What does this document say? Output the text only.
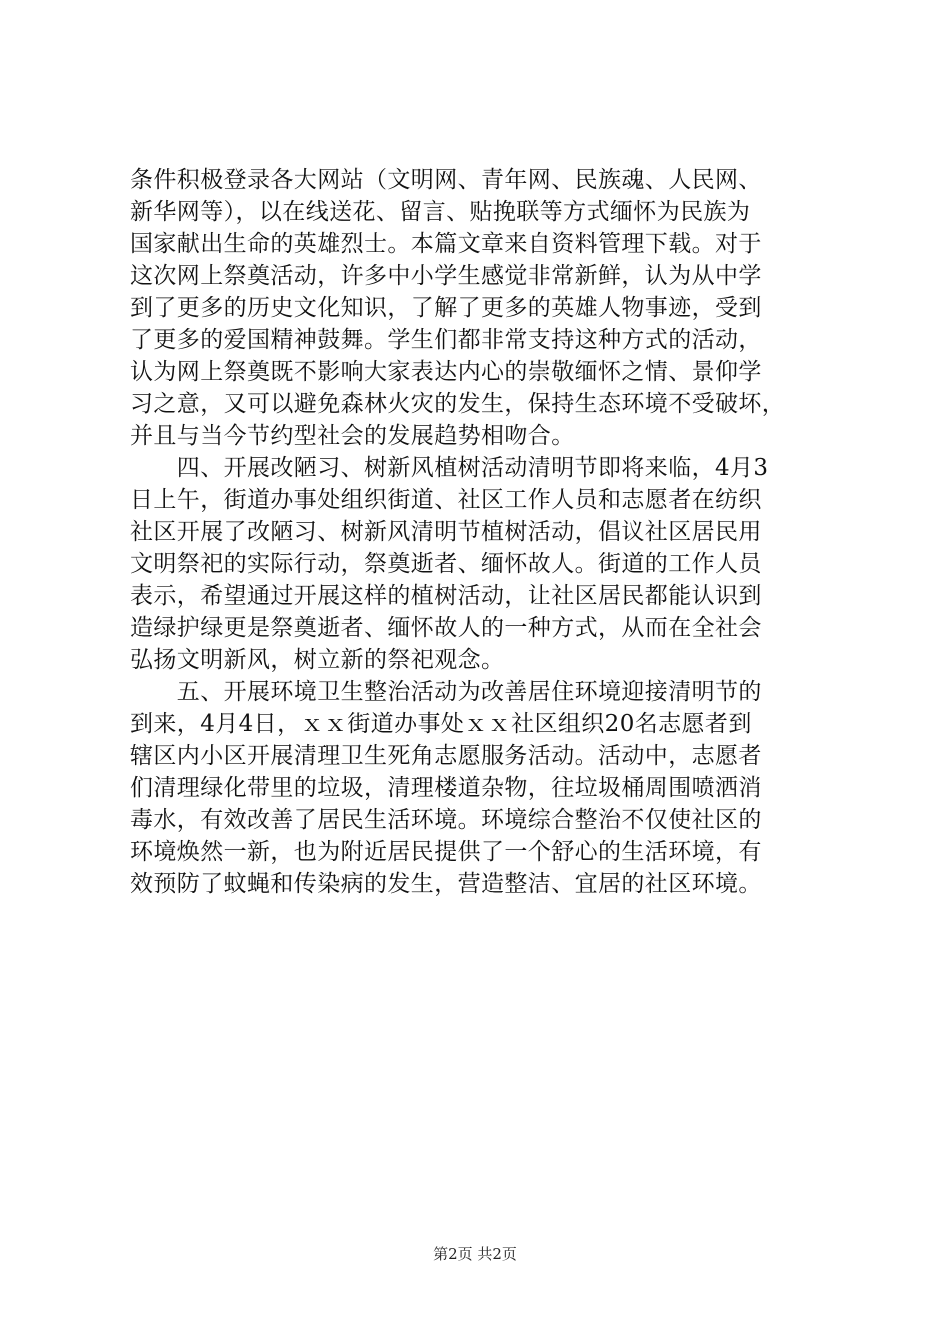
条件积极登录各大网站（文明网、青年网、民族魂、人民网、
新华网等），以在线送花、留言、贴挽联等方式缅怀为民族为
国家献出生命的英雄烈士。本篇文章来自资料管理下载。对于
这次网上祭奠活动，许多中小学生感觉非常新鲜，认为从中学
到了更多的历史文化知识，了解了更多的英雄人物事迹，受到
了更多的爱国精神鼓舞。学生们都非常支持这种方式的活动，
认为网上祭奠既不影响大家表达内心的崇敬缅怀之情、景仰学
习之意，又可以避免森林火灾的发生，保持生态环境不受破坏，
并且与当今节约型社会的发展趋势相吻合。
　　四、开展改陋习、树新风植树活动清明节即将来临，4月3
日上午，街道办事处组织街道、社区工作人员和志愿者在纺织
社区开展了改陋习、树新风清明节植树活动，倡议社区居民用
文明祭祀的实际行动，祭奠逝者、缅怀故人。街道的工作人员
表示，希望通过开展这样的植树活动，让社区居民都能认识到
造绿护绿更是祭奠逝者、缅怀故人的一种方式，从而在全社会
弘扬文明新风，树立新的祭祀观念。
　　五、开展环境卫生整治活动为改善居住环境迎接清明节的
到来，4月4日，ｘｘ街道办事处ｘｘ社区组织20名志愿者到
辖区内小区开展清理卫生死角志愿服务活动。活动中，志愿者
们清理绿化带里的垃圾，清理楼道杂物，往垃圾桶周围喷洒消
毒水，有效改善了居民生活环境。环境综合整治不仅使社区的
环境焕然一新，也为附近居民提供了一个舒心的生活环境，有
效预防了蚊蝇和传染病的发生，营造整洁、宜居的社区环境。
第2页 共2页
